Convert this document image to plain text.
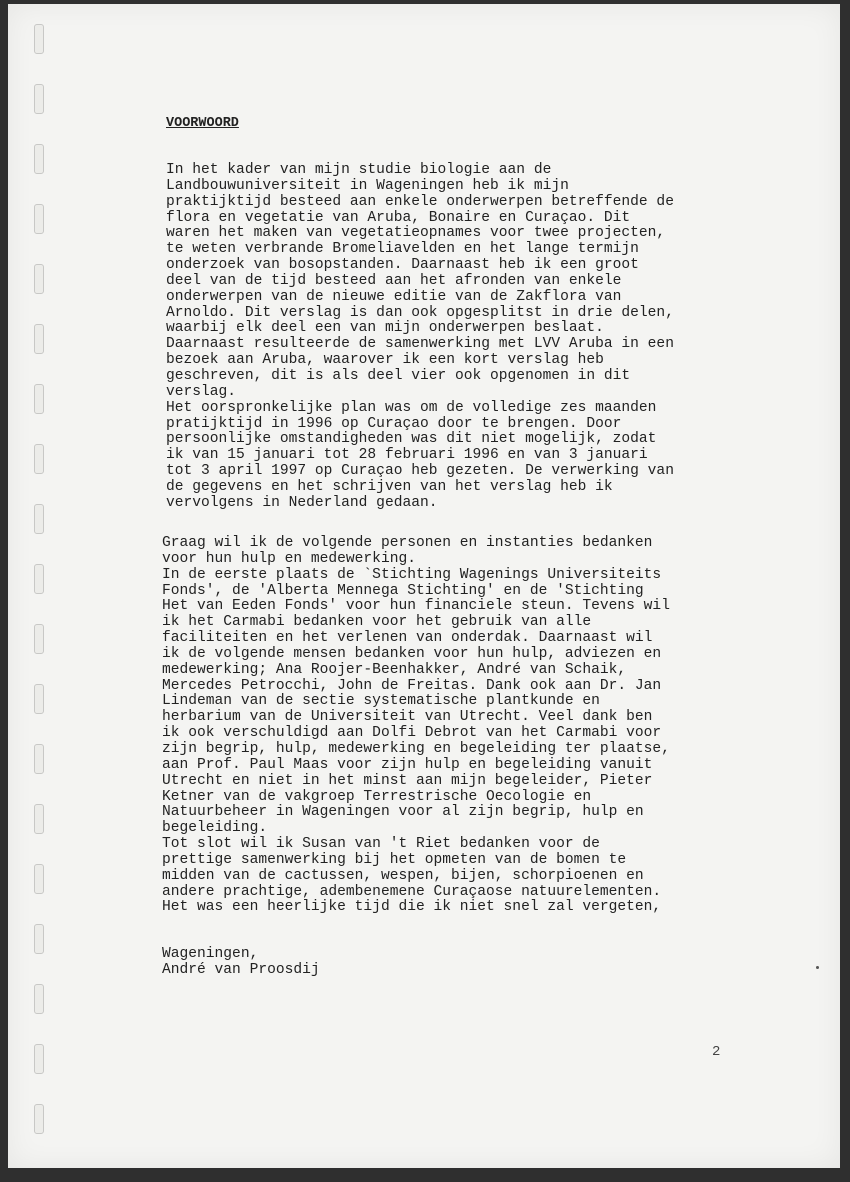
VOORWOORD
In het kader van mijn studie biologie aan de
Landbouwuniversiteit in Wageningen heb ik mijn
praktijktijd besteed aan enkele onderwerpen betreffende de
flora en vegetatie van Aruba, Bonaire en Curaçao. Dit
waren het maken van vegetatieopnames voor twee projecten,
te weten verbrande Bromeliavelden en het lange termijn
onderzoek van bosopstanden. Daarnaast heb ik een groot
deel van de tijd besteed aan het afronden van enkele
onderwerpen van de nieuwe editie van de Zakflora van
Arnoldo. Dit verslag is dan ook opgesplitst in drie delen,
waarbij elk deel een van mijn onderwerpen beslaat.
Daarnaast resulteerde de samenwerking met LVV Aruba in een
bezoek aan Aruba, waarover ik een kort verslag heb
geschreven, dit is als deel vier ook opgenomen in dit
verslag.
Het oorspronkelijke plan was om de volledige zes maanden
pratijktijd in 1996 op Curaçao door te brengen. Door
persoonlijke omstandigheden was dit niet mogelijk, zodat
ik van 15 januari tot 28 februari 1996 en van 3 januari
tot 3 april 1997 op Curaçao heb gezeten. De verwerking van
de gegevens en het schrijven van het verslag heb ik
vervolgens in Nederland gedaan.
Graag wil ik de volgende personen en instanties bedanken
voor hun hulp en medewerking.
In de eerste plaats de `Stichting Wagenings Universiteits
Fonds', de 'Alberta Mennega Stichting' en de 'Stichting
Het van Eeden Fonds' voor hun financiele steun. Tevens wil
ik het Carmabi bedanken voor het gebruik van alle
faciliteiten en het verlenen van onderdak. Daarnaast wil
ik de volgende mensen bedanken voor hun hulp, adviezen en
medewerking; Ana Roojer-Beenhakker, André van Schaik,
Mercedes Petrocchi, John de Freitas. Dank ook aan Dr. Jan
Lindeman van de sectie systematische plantkunde en
herbarium van de Universiteit van Utrecht. Veel dank ben
ik ook verschuldigd aan Dolfi Debrot van het Carmabi voor
zijn begrip, hulp, medewerking en begeleiding ter plaatse,
aan Prof. Paul Maas voor zijn hulp en begeleiding vanuit
Utrecht en niet in het minst aan mijn begeleider, Pieter
Ketner van de vakgroep Terrestrische Oecologie en
Natuurbeheer in Wageningen voor al zijn begrip, hulp en
begeleiding.
Tot slot wil ik Susan van 't Riet bedanken voor de
prettige samenwerking bij het opmeten van de bomen te
midden van de cactussen, wespen, bijen, schorpioenen en
andere prachtige, adembenemene Curaçaose natuurelementen.
Het was een heerlijke tijd die ik niet snel zal vergeten,
Wageningen,
André van Proosdij
2
